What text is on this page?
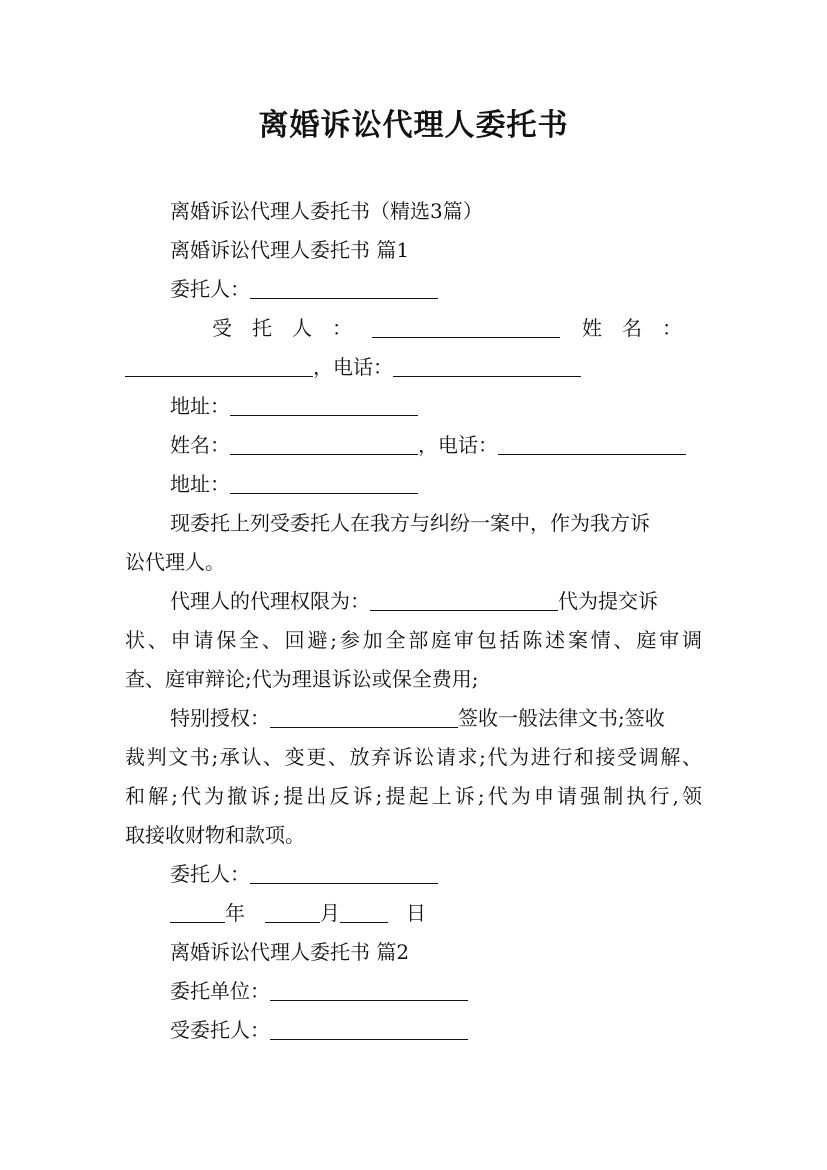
离婚诉讼代理人委托书
离婚诉讼代理人委托书（精选3篇）
离婚诉讼代理人委托书 篇1
委托人：
受　托　人　：	姓　名　：
，电话：
地址：
姓名：	，电话：
地址：
现委托上列受委托人在我方与纠纷一案中，作为我方诉
讼代理人。
代理人的代理权限为：	代为提交诉
状、申请保全、回避;参加全部庭审包括陈述案情、庭审调
查、庭审辩论;代为理退诉讼或保全费用;
特别授权：	签收一般法律文书;签收
裁判文书;承认、变更、放弃诉讼请求;代为进行和接受调解、
和解;代为撤诉;提出反诉;提起上诉;代为申请强制执行,领
取接收财物和款项。
委托人：
年	月	日
离婚诉讼代理人委托书 篇2
委托单位：
受委托人：
